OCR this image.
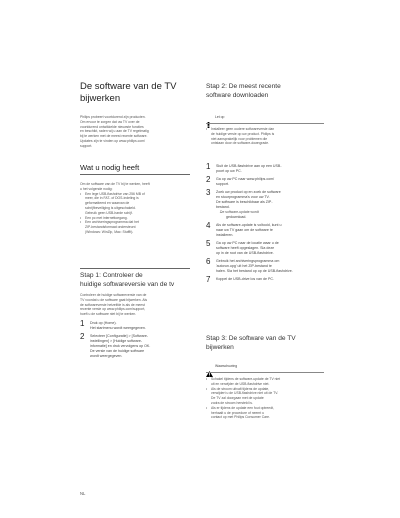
De software van de TV
bijwerken
Philips probeert voortdurend zijn producten.
Om ervoor te zorgen dat uw TV over de
voortdurend ontwikkelde nieuwste functies
en beschikt, raden wij u aan de TV regelmatig
bij te werken met de meest recente software.
Updates zijn te vinden op www.philips.com/
support.
Wat u nodig heeft
Om de software van de TV bij te werken, heeft
u het volgende nodig:
• Een lege USB-flashdrive van 256 MB of
meer, die in FAT- of DOS-indeling is
geformatteerd en waarvan de
schrijfbeveiliging is uitgeschakeld.
Gebruik geen USB-harde schijf.
• Een pc met internettoegang.
• Een archiveringsprogramma dat het
ZIP-bestandsformaat ondersteunt
(Windows: WinZip, Mac: StuffIt).
Stap 1: Controleer de
huidige softwareversie van de tv
Controleer de huidige softwareversie van de
TV voordat u de software gaat bijwerken. Als
de softwareversie hetzelfde is als de meest
recente versie op www.philips.com/support,
hoeft u de software niet bij te werken.
1 Druk op (Home).
Het startmenu wordt weergegeven.
2 Selecteer [Configuratie] > [Software-
instellingen] > [Huidige software-
informatie] en druk vervolgens op OK.
De versie van de huidige software
wordt weergegeven.
NL
Stap 2: De meest recente
software downloaden
Let op
• Installeer geen oudere softwareversie dan
de huidige versie op uw product. Philips is
niet aansprakelijk voor problemen die
ontstaan door de software-downgrade.
1 Sluit de USB-flashdrive aan op een USB-
poort op uw PC.
2 Ga op uw PC naar www.philips.com/
support.
3 Zoek uw product op en zoek de software
en stuurprogramma's voor uw TV.
De software is beschikbaar als ZIP-
bestand.
→ De software-update wordt
gedownload.
4 Als de software-update is voltooid, kunt u
naar uw TV gaan om de software te
installeren.
5 Ga op uw PC naar de locatie waar u de
software heeft opgeslagen. Sla deze
op in de root van de USB-flashdrive.
6 Gebruik het archiveringsprogramma om
'autorun.upg' uit het ZIP-bestand te
halen. Sla het bestand op op de USB-flashdrive.
7 Koppel de USB-drive los van de PC.
Stap 3: De software van de TV
bijwerken
Waarschuwing
• Schakel tijdens de software-update de TV niet
uit en verwijder de USB-flashdrive niet.
• Als de stroom uitvalt tijdens de update,
verwijdert u de USB-flashdrive niet uit de TV.
De TV zal doorgaan met de update
zodra de stroom hersteld is.
• Als er tijdens de update een fout optreedt,
herhaalt u de procedure of neemt u
contact op met Philips Consumer Care.
